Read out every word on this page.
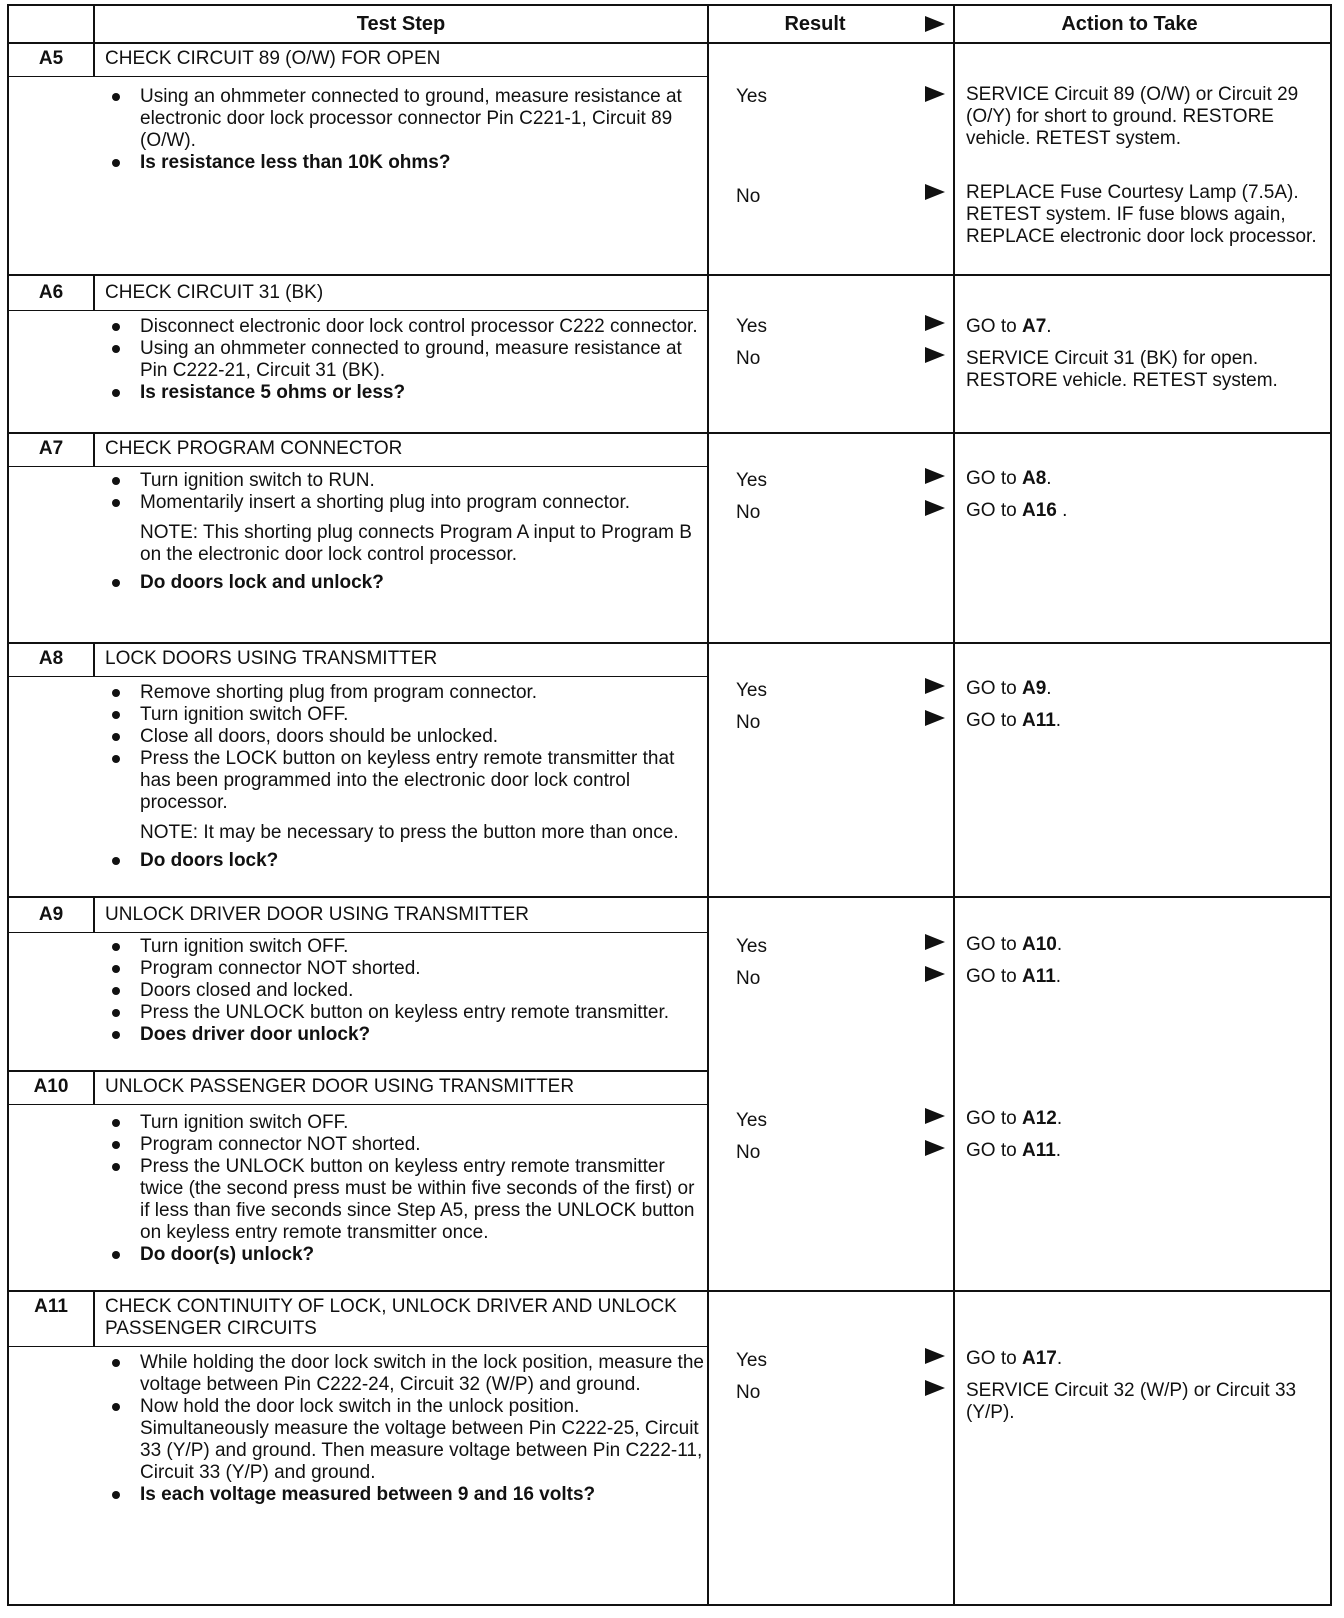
Test Step	Result	Action to Take
A5	CHECK CIRCUIT 89 (O/W) FOR OPEN
Using an ohmmeter connected to ground, measure resistance at electronic door lock processor connector Pin C221-1, Circuit 89 (O/W).
Is resistance less than 10K ohms?
Yes	SERVICE Circuit 89 (O/W) or Circuit 29 (O/Y) for short to ground. RESTORE vehicle. RETEST system.
No	REPLACE Fuse Courtesy Lamp (7.5A). RETEST system. IF fuse blows again, REPLACE electronic door lock processor.
A6	CHECK CIRCUIT 31 (BK)
Disconnect electronic door lock control processor C222 connector.
Using an ohmmeter connected to ground, measure resistance at Pin C222-21, Circuit 31 (BK).
Is resistance 5 ohms or less?
Yes	GO to A7.
No	SERVICE Circuit 31 (BK) for open. RESTORE vehicle. RETEST system.
A7	CHECK PROGRAM CONNECTOR
Turn ignition switch to RUN.
Momentarily insert a shorting plug into program connector.
NOTE: This shorting plug connects Program A input to Program B on the electronic door lock control processor.
Do doors lock and unlock?
Yes	GO to A8.
No	GO to A16 .
A8	LOCK DOORS USING TRANSMITTER
Remove shorting plug from program connector.
Turn ignition switch OFF.
Close all doors, doors should be unlocked.
Press the LOCK button on keyless entry remote transmitter that has been programmed into the electronic door lock control processor.
NOTE: It may be necessary to press the button more than once.
Do doors lock?
Yes	GO to A9.
No	GO to A11.
A9	UNLOCK DRIVER DOOR USING TRANSMITTER
Turn ignition switch OFF.
Program connector NOT shorted.
Doors closed and locked.
Press the UNLOCK button on keyless entry remote transmitter.
Does driver door unlock?
Yes	GO to A10.
No	GO to A11.
A10	UNLOCK PASSENGER DOOR USING TRANSMITTER
Turn ignition switch OFF.
Program connector NOT shorted.
Press the UNLOCK button on keyless entry remote transmitter twice (the second press must be within five seconds of the first) or if less than five seconds since Step A5, press the UNLOCK button on keyless entry remote transmitter once.
Do door(s) unlock?
Yes	GO to A12.
No	GO to A11.
A11	CHECK CONTINUITY OF LOCK, UNLOCK DRIVER AND UNLOCK PASSENGER CIRCUITS
While holding the door lock switch in the lock position, measure the voltage between Pin C222-24, Circuit 32 (W/P) and ground.
Now hold the door lock switch in the unlock position. Simultaneously measure the voltage between Pin C222-25, Circuit 33 (Y/P) and ground. Then measure voltage between Pin C222-11, Circuit 33 (Y/P) and ground.
Is each voltage measured between 9 and 16 volts?
Yes	GO to A17.
No	SERVICE Circuit 32 (W/P) or Circuit 33 (Y/P).
